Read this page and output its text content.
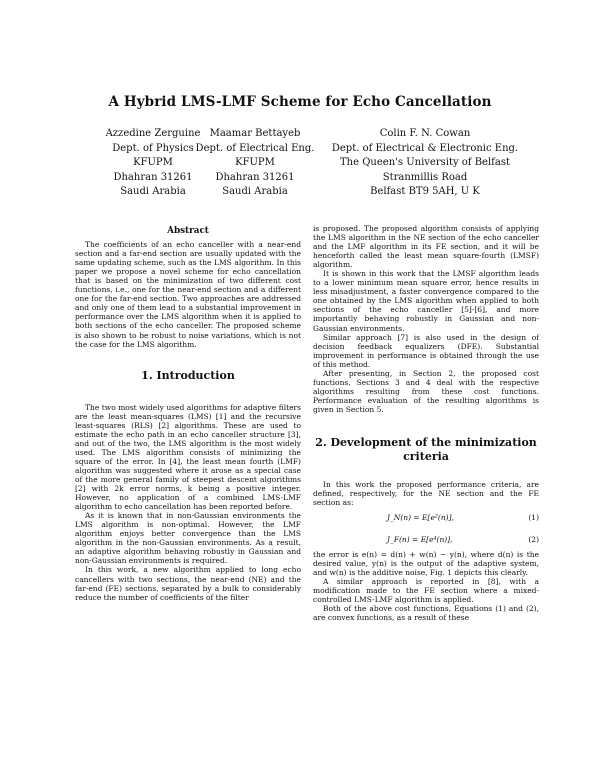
A Hybrid LMS-LMF Scheme for Echo Cancellation
Azzedine Zerguine
Dept. of Physics
KFUPM
Dhahran 31261
Saudi Arabia
Maamar Bettayeb
Dept. of Electrical Eng.
KFUPM
Dhahran 31261
Saudi Arabia
Colin F. N. Cowan
Dept. of Electrical & Electronic Eng.
The Queen's University of Belfast
Stranmillis Road
Belfast BT9 5AH, U K
Abstract

The coefficients of an echo canceller with a near-end section and a far-end section are usually updated with the same updating scheme, such as the LMS algorithm. In this paper we propose a novel scheme for echo cancellation that is based on the minimization of two different cost functions, i.e., one for the near-end section and a different one for the far-end section. Two approaches are addressed and only one of them lead to a substantial improvement in performance over the LMS algorithm when it is applied to both sections of the echo canceller. The proposed scheme is also shown to be robust to noise variations, which is not the case for the LMS algorithm.

1. Introduction

The two most widely used algorithms for adaptive filters are the least mean-squares (LMS) [1] and the recursive least-squares (RLS) [2] algorithms. These are used to estimate the echo path in an echo canceller structure [3], and out of the two, the LMS algorithm is the most widely used. The LMS algorithm consists of minimizing the square of the error. In [4], the least mean fourth (LMF) algorithm was suggested where it arose as a special case of the more general family of steepest descent algorithms [2] with 2k error norms, k being a positive integer. However, no application of a combined LMS-LMF algorithm to echo cancellation has been reported before.

As it is known that in non-Gaussian environments the LMS algorithm is non-optimal. However, the LMF algorithm enjoys better convergence than the LMS algorithm in the non-Gaussian environments. As a result, an adaptive algorithm behaving robustly in Gaussian and non-Gaussian environments is required.

In this work, a new algorithm applied to long echo cancellers with two sections, the near-end (NE) and the far-end (FE) sections, separated by a bulk to considerably reduce the number of coefficients of the filter

is proposed. The proposed algorithm consists of applying the LMS algorithm in the NE section of the echo canceller and the LMF algorithm in its FE section, and it will be henceforth called the least mean square-fourth (LMSF) algorithm.

It is shown in this work that the LMSF algorithm leads to a lower minimum mean square error, hence results in less misadjustment, a faster convergence compared to the one obtained by the LMS algorithm when applied to both sections of the echo canceller [5]-[6], and more importantly behaving robustly in Gaussian and non-Gaussian environments.

Similar approach [7] is also used in the design of decision feedback equalizers (DFE). Substantial improvement in performance is obtained through the use of this method.

After presenting, in Section 2, the proposed cost functions, Sections 3 and 4 deal with the respective algorithms resulting from these cost functions. Performance evaluation of the resulting algorithms is given in Section 5.

2. Development of the minimization criteria

In this work the proposed performance criteria, are defined, respectively, for the NE section and the FE section as:

J_N(n) = E[e²(n)],	(1)
J_F(n) = E[e⁴(n)],	(2)

the error is e(n) = d(n) + w(n) − y(n), where d(n) is the desired value, y(n) is the output of the adaptive system, and w(n) is the additive noise, Fig. 1 depicts this clearly.

A similar approach is reported in [8], with a modification made to the FE section where a mixed-controlled LMS-LMF algorithm is applied.

Both of the above cost functions, Equations (1) and (2), are convex functions, as a result of these
